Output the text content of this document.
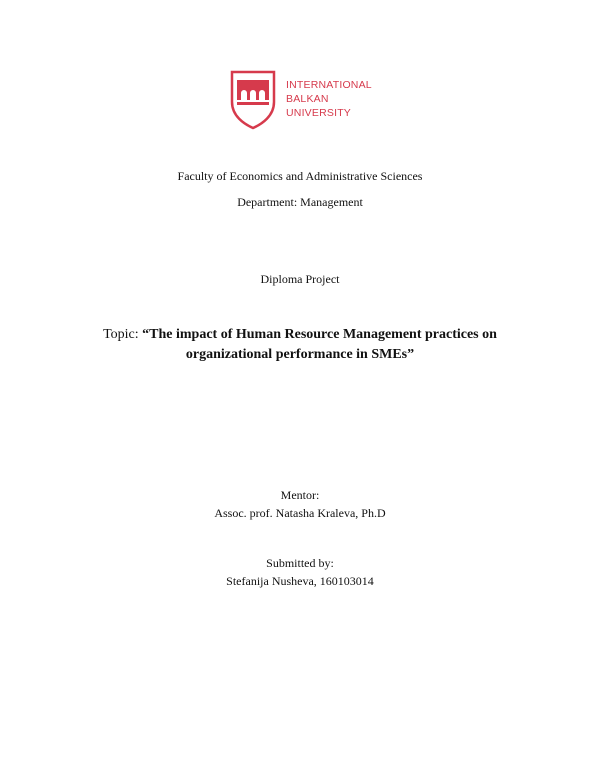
INTERNATIONAL
BALKAN
UNIVERSITY
Faculty of Economics and Administrative Sciences
Department: Management
Diploma Project
Topic: “The impact of Human Resource Management practices on
organizational performance in SMEs”
Mentor:
Assoc. prof. Natasha Kraleva, Ph.D
Submitted by:
Stefanija Nusheva, 160103014
